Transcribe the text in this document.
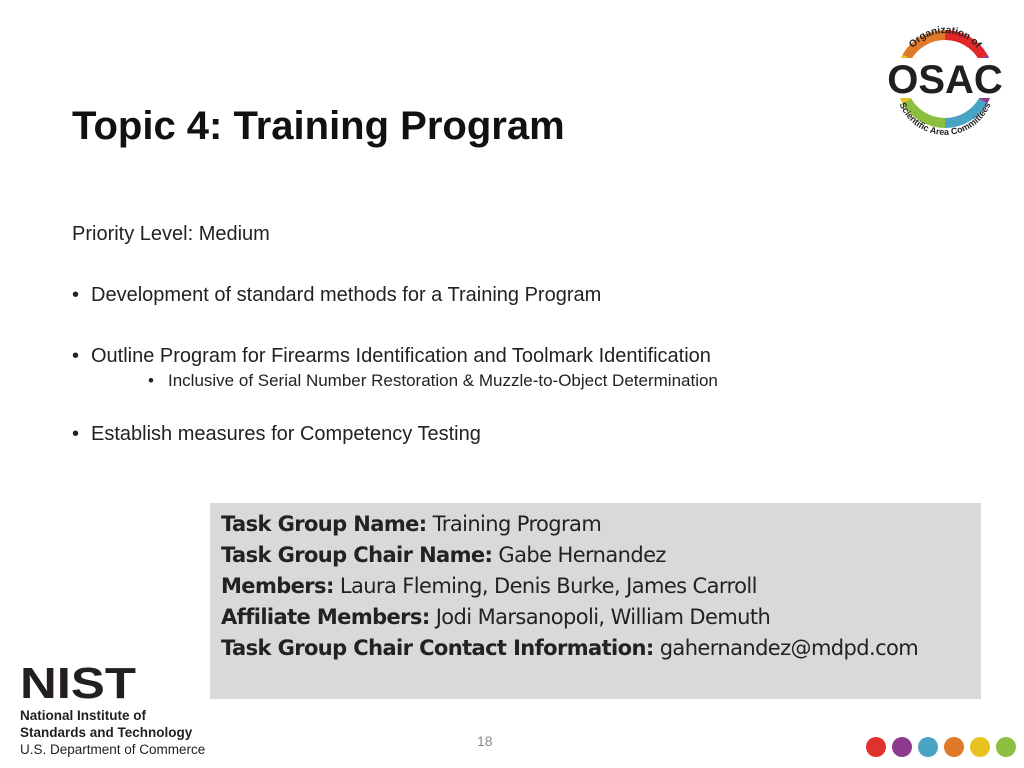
OSAC
Organization of
Scientific Area Committees
Topic 4: Training Program
Priority Level: Medium
• Development of standard methods for a Training Program
• Outline Program for Firearms Identification and Toolmark Identification
• Inclusive of Serial Number Restoration & Muzzle-to-Object Determination
• Establish measures for Competency Testing
Task Group Name: Training Program
Task Group Chair Name: Gabe Hernandez
Members: Laura Fleming, Denis Burke, James Carroll
Affiliate Members: Jodi Marsanopoli, William Demuth
Task Group Chair Contact Information: gahernandez@mdpd.com
NIST
National Institute of
Standards and Technology
U.S. Department of Commerce
18
